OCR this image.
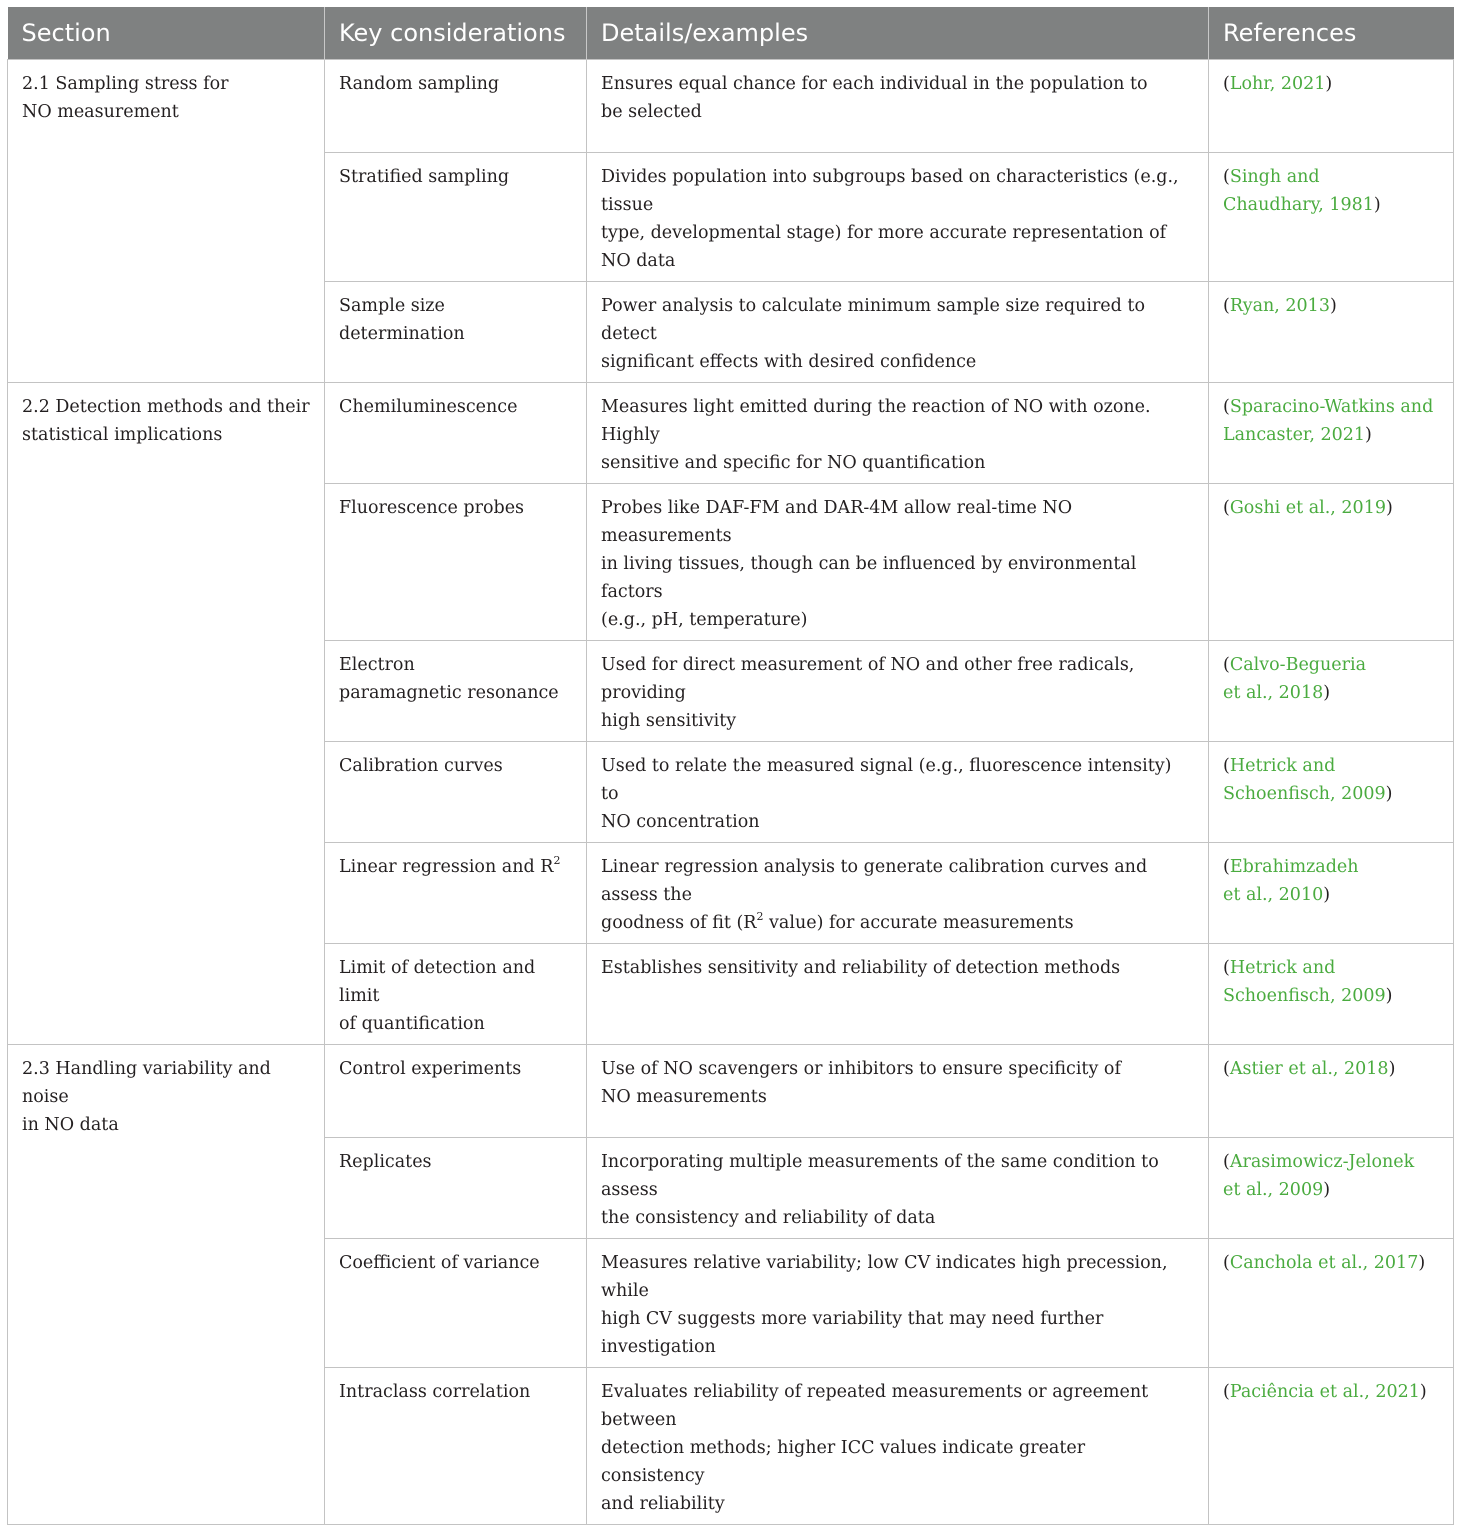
Section	Key considerations	Details/examples	References
2.1 Sampling stress for
NO measurement	Random sampling	Ensures equal chance for each individual in the population to
be selected	(Lohr, 2021)
	Stratified sampling	Divides population into subgroups based on characteristics (e.g., tissue
type, developmental stage) for more accurate representation of NO data	(Singh and
Chaudhary, 1981)
	Sample size determination	Power analysis to calculate minimum sample size required to detect
significant effects with desired confidence	(Ryan, 2013)
2.2 Detection methods and their
statistical implications	Chemiluminescence	Measures light emitted during the reaction of NO with ozone. Highly
sensitive and specific for NO quantification	(Sparacino-Watkins and
Lancaster, 2021)
	Fluorescence probes	Probes like DAF-FM and DAR-4M allow real-time NO measurements
in living tissues, though can be influenced by environmental factors
(e.g., pH, temperature)	(Goshi et al., 2019)
	Electron
paramagnetic resonance	Used for direct measurement of NO and other free radicals, providing
high sensitivity	(Calvo-Begueria
et al., 2018)
	Calibration curves	Used to relate the measured signal (e.g., fluorescence intensity) to
NO concentration	(Hetrick and
Schoenfisch, 2009)
	Linear regression and $R^2$	Linear regression analysis to generate calibration curves and assess the
goodness of fit ($R^2$ value) for accurate measurements	(Ebrahimzadeh
et al., 2010)
	Limit of detection and limit
of quantification	Establishes sensitivity and reliability of detection methods	(Hetrick and
Schoenfisch, 2009)
2.3 Handling variability and noise
in NO data	Control experiments	Use of NO scavengers or inhibitors to ensure specificity of
NO measurements	(Astier et al., 2018)
	Replicates	Incorporating multiple measurements of the same condition to assess
the consistency and reliability of data	(Arasimowicz-Jelonek
et al., 2009)
	Coefficient of variance	Measures relative variability; low CV indicates high precession, while
high CV suggests more variability that may need further investigation	(Canchola et al., 2017)
	Intraclass correlation	Evaluates reliability of repeated measurements or agreement between
detection methods; higher ICC values indicate greater consistency
and reliability	(Paciência et al., 2021)
